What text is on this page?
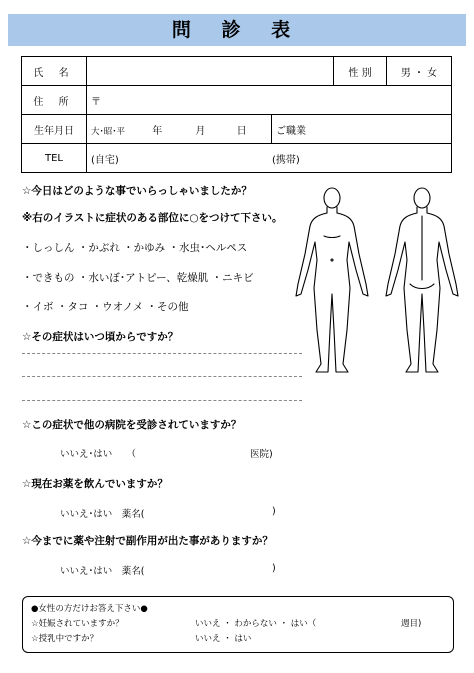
問 診 表
氏 名			性 別	男 ・ 女
住 所	〒			
生年月日	大･昭･平 年 月 日	ご職業		
TEL	(自宅) (携帯)			
☆今日はどのような事でいらっしゃいましたか？
※右のイラストに症状のある部位に○をつけて下さい。
・しっしん ・かぶれ ・かゆみ ・水虫･ヘルペス
・できもの ・水いぼ･アトピー、乾燥肌 ・ニキビ
・イボ ・タコ ・ウオノメ ・その他
☆その症状はいつ頃からですか？
☆この症状で他の病院を受診されていますか？
いいえ･はい　　（	医院)
☆現在お薬を飲んでいますか？
いいえ･はい　薬名(	)
☆今までに薬や注射で副作用が出た事がありますか？
いいえ･はい　薬名(	)
●女性の方だけお答え下さい●
☆妊娠されていますか？	いいえ ・ わからない ・ はい（	週目)
☆授乳中ですか？	いいえ ・ はい
